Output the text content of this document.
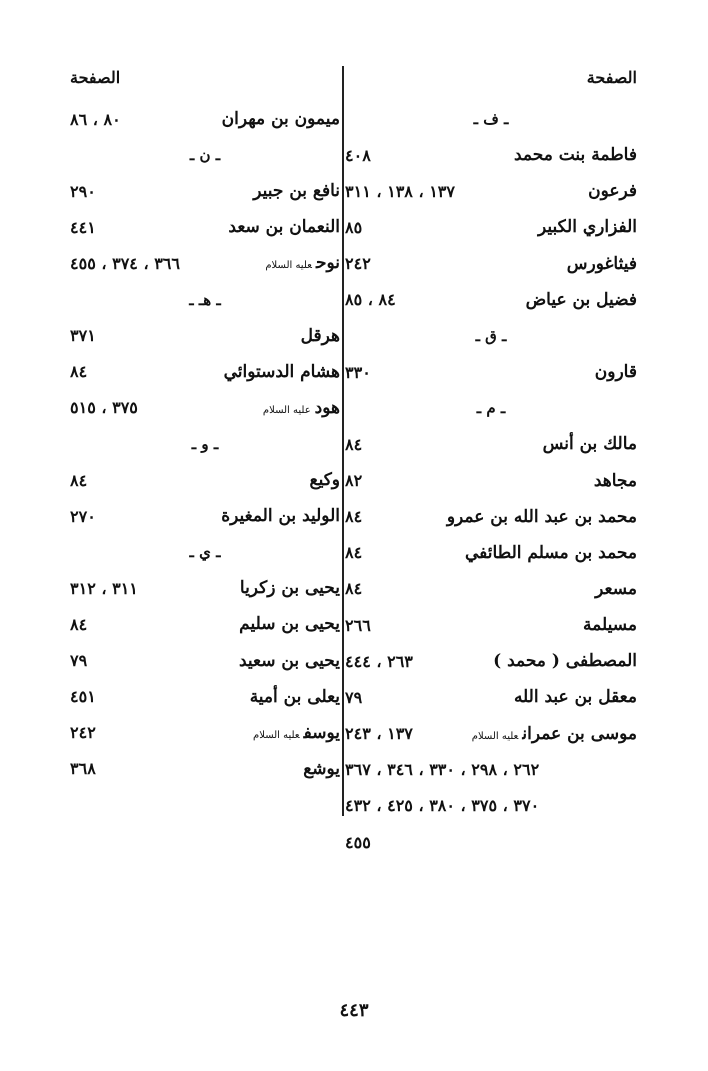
الصفحة
ـ ف ـ
فاطمة بنت محمد
٤٠٨
فرعون
١٣٧ ، ١٣٨ ، ٣١١
الفزاري الكبير
٨٥
فيثاغورس
٢٤٢
فضيل بن عياض
٨٤ ، ٨٥
ـ ق ـ
قارون
٣٣٠
ـ م ـ
مالك بن أنس
٨٤
مجاهد
٨٢
محمد بن عبد الله بن عمرو
٨٤
محمد بن مسلم الطائفي
٨٤
مسعر
٨٤
مسيلمة
٢٦٦
المصطفى ( محمد )
٢٦٣ ، ٤٤٤
معقل بن عبد الله
٧٩
موسى بن عمرانعليه السلام
١٣٧ ، ٢٤٣
٢٦٢ ، ٢٩٨ ، ٣٣٠ ، ٣٤٦ ، ٣٦٧
٣٧٠ ، ٣٧٥ ، ٣٨٠ ، ٤٢٥ ، ٤٣٢
٤٥٥
الصفحة
ميمون بن مهران
٨٠ ، ٨٦
ـ ن ـ
نافع بن جبير
٢٩٠
النعمان بن سعد
٤٤١
نوحعليه السلام
٣٦٦ ، ٣٧٤ ، ٤٥٥
ـ هـ ـ
هرقل
٣٧١
هشام الدستوائي
٨٤
هودعليه السلام
٣٧٥ ، ٥١٥
ـ و ـ
وكيع
٨٤
الوليد بن المغيرة
٢٧٠
ـ ي ـ
يحيى بن زكريا
٣١١ ، ٣١٢
يحيى بن سليم
٨٤
يحيى بن سعيد
٧٩
يعلى بن أمية
٤٥١
يوسفعليه السلام
٢٤٢
يوشع
٣٦٨
٤٤٣
